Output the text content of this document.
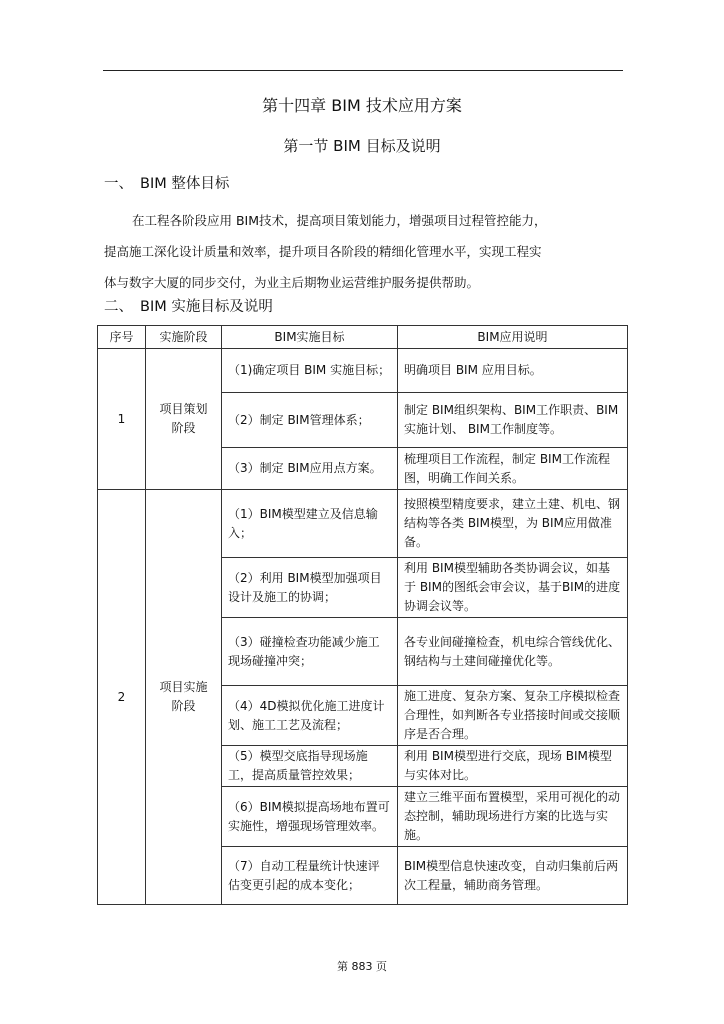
第十四章 BIM 技术应用方案
第一节 BIM 目标及说明
一、 BIM 整体目标
在工程各阶段应用 BIM技术，提高项目策划能力，增强项目过程管控能力，
提高施工深化设计质量和效率，提升项目各阶段的精细化管理水平，实现工程实
体与数字大厦的同步交付，为业主后期物业运营维护服务提供帮助。
二、 BIM 实施目标及说明
序号	实施阶段	BIM实施目标	BIM应用说明
1	项目策划阶段	（1)确定项目 BIM 实施目标；	明确项目 BIM 应用目标。
		（2）制定 BIM管理体系；	制定 BIM组织架构、BIM工作职责、BIM实施计划、 BIM工作制度等。
		（3）制定 BIM应用点方案。	梳理项目工作流程，制定 BIM工作流程图，明确工作间关系。
2	项目实施阶段	（1）BIM模型建立及信息输入；	按照模型精度要求，建立土建、机电、钢结构等各类 BIM模型，为 BIM应用做准备。
		（2）利用 BIM模型加强项目设计及施工的协调；	利用 BIM模型辅助各类协调会议，如基于 BIM的图纸会审会议，基于BIM的进度协调会议等。
		（3）碰撞检查功能减少施工现场碰撞冲突；	各专业间碰撞检查，机电综合管线优化、钢结构与土建间碰撞优化等。
		（4）4D模拟优化施工进度计划、施工工艺及流程；	施工进度、复杂方案、复杂工序模拟检查合理性，如判断各专业搭接时间或交接顺序是否合理。
		（5）模型交底指导现场施工，提高质量管控效果；	利用 BIM模型进行交底，现场 BIM模型与实体对比。
		（6）BIM模拟提高场地布置可实施性，增强现场管理效率。	建立三维平面布置模型，采用可视化的动态控制，辅助现场进行方案的比选与实施。
		（7）自动工程量统计快速评估变更引起的成本变化；	BIM模型信息快速改变，自动归集前后两次工程量，辅助商务管理。
第 883 页
